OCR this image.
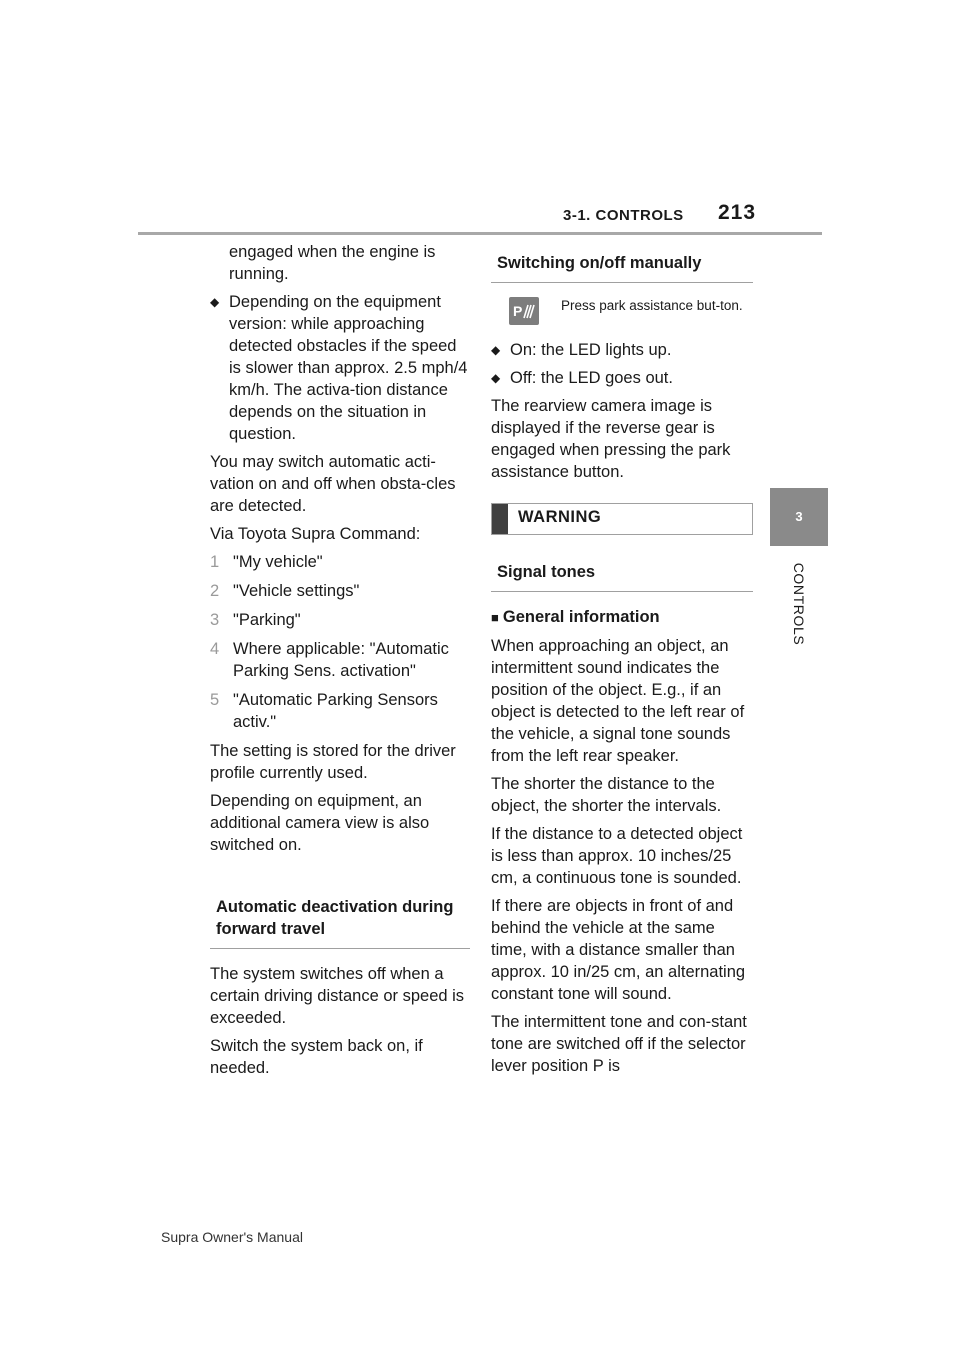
3-1. CONTROLS 213
3
CONTROLS

engaged when the engine is running.

◆ Depending on the equipment version: while approaching detected obstacles if the speed is slower than approx. 2.5 mph/4 km/h. The activa-tion distance depends on the situation in question.

You may switch automatic acti-vation on and off when obsta-cles are detected.

Via Toyota Supra Command:

1 "My vehicle"
2 "Vehicle settings"
3 "Parking"
4 Where applicable: "Automatic Parking Sens. activation"
5 "Automatic Parking Sensors activ."

The setting is stored for the driver profile currently used.

Depending on equipment, an additional camera view is also switched on.

Automatic deactivation during forward travel

The system switches off when a certain driving distance or speed is exceeded.

Switch the system back on, if needed.

Switching on/off manually
P	Press park assistance but-ton.
◆ On: the LED lights up.
◆ Off: the LED goes out.

The rearview camera image is displayed if the reverse gear is engaged when pressing the park assistance button.

WARNING
Signal tones
■ General information

When approaching an object, an intermittent sound indicates the position of the object. E.g., if an object is detected to the left rear of the vehicle, a signal tone sounds from the left rear speaker.

The shorter the distance to the object, the shorter the intervals.

If the distance to a detected object is less than approx. 10 inches/25 cm, a continuous tone is sounded.

If there are objects in front of and behind the vehicle at the same time, with a distance smaller than approx. 10 in/25 cm, an alternating constant tone will sound.

The intermittent tone and con-stant tone are switched off if the selector lever position P is

Supra Owner's Manual
